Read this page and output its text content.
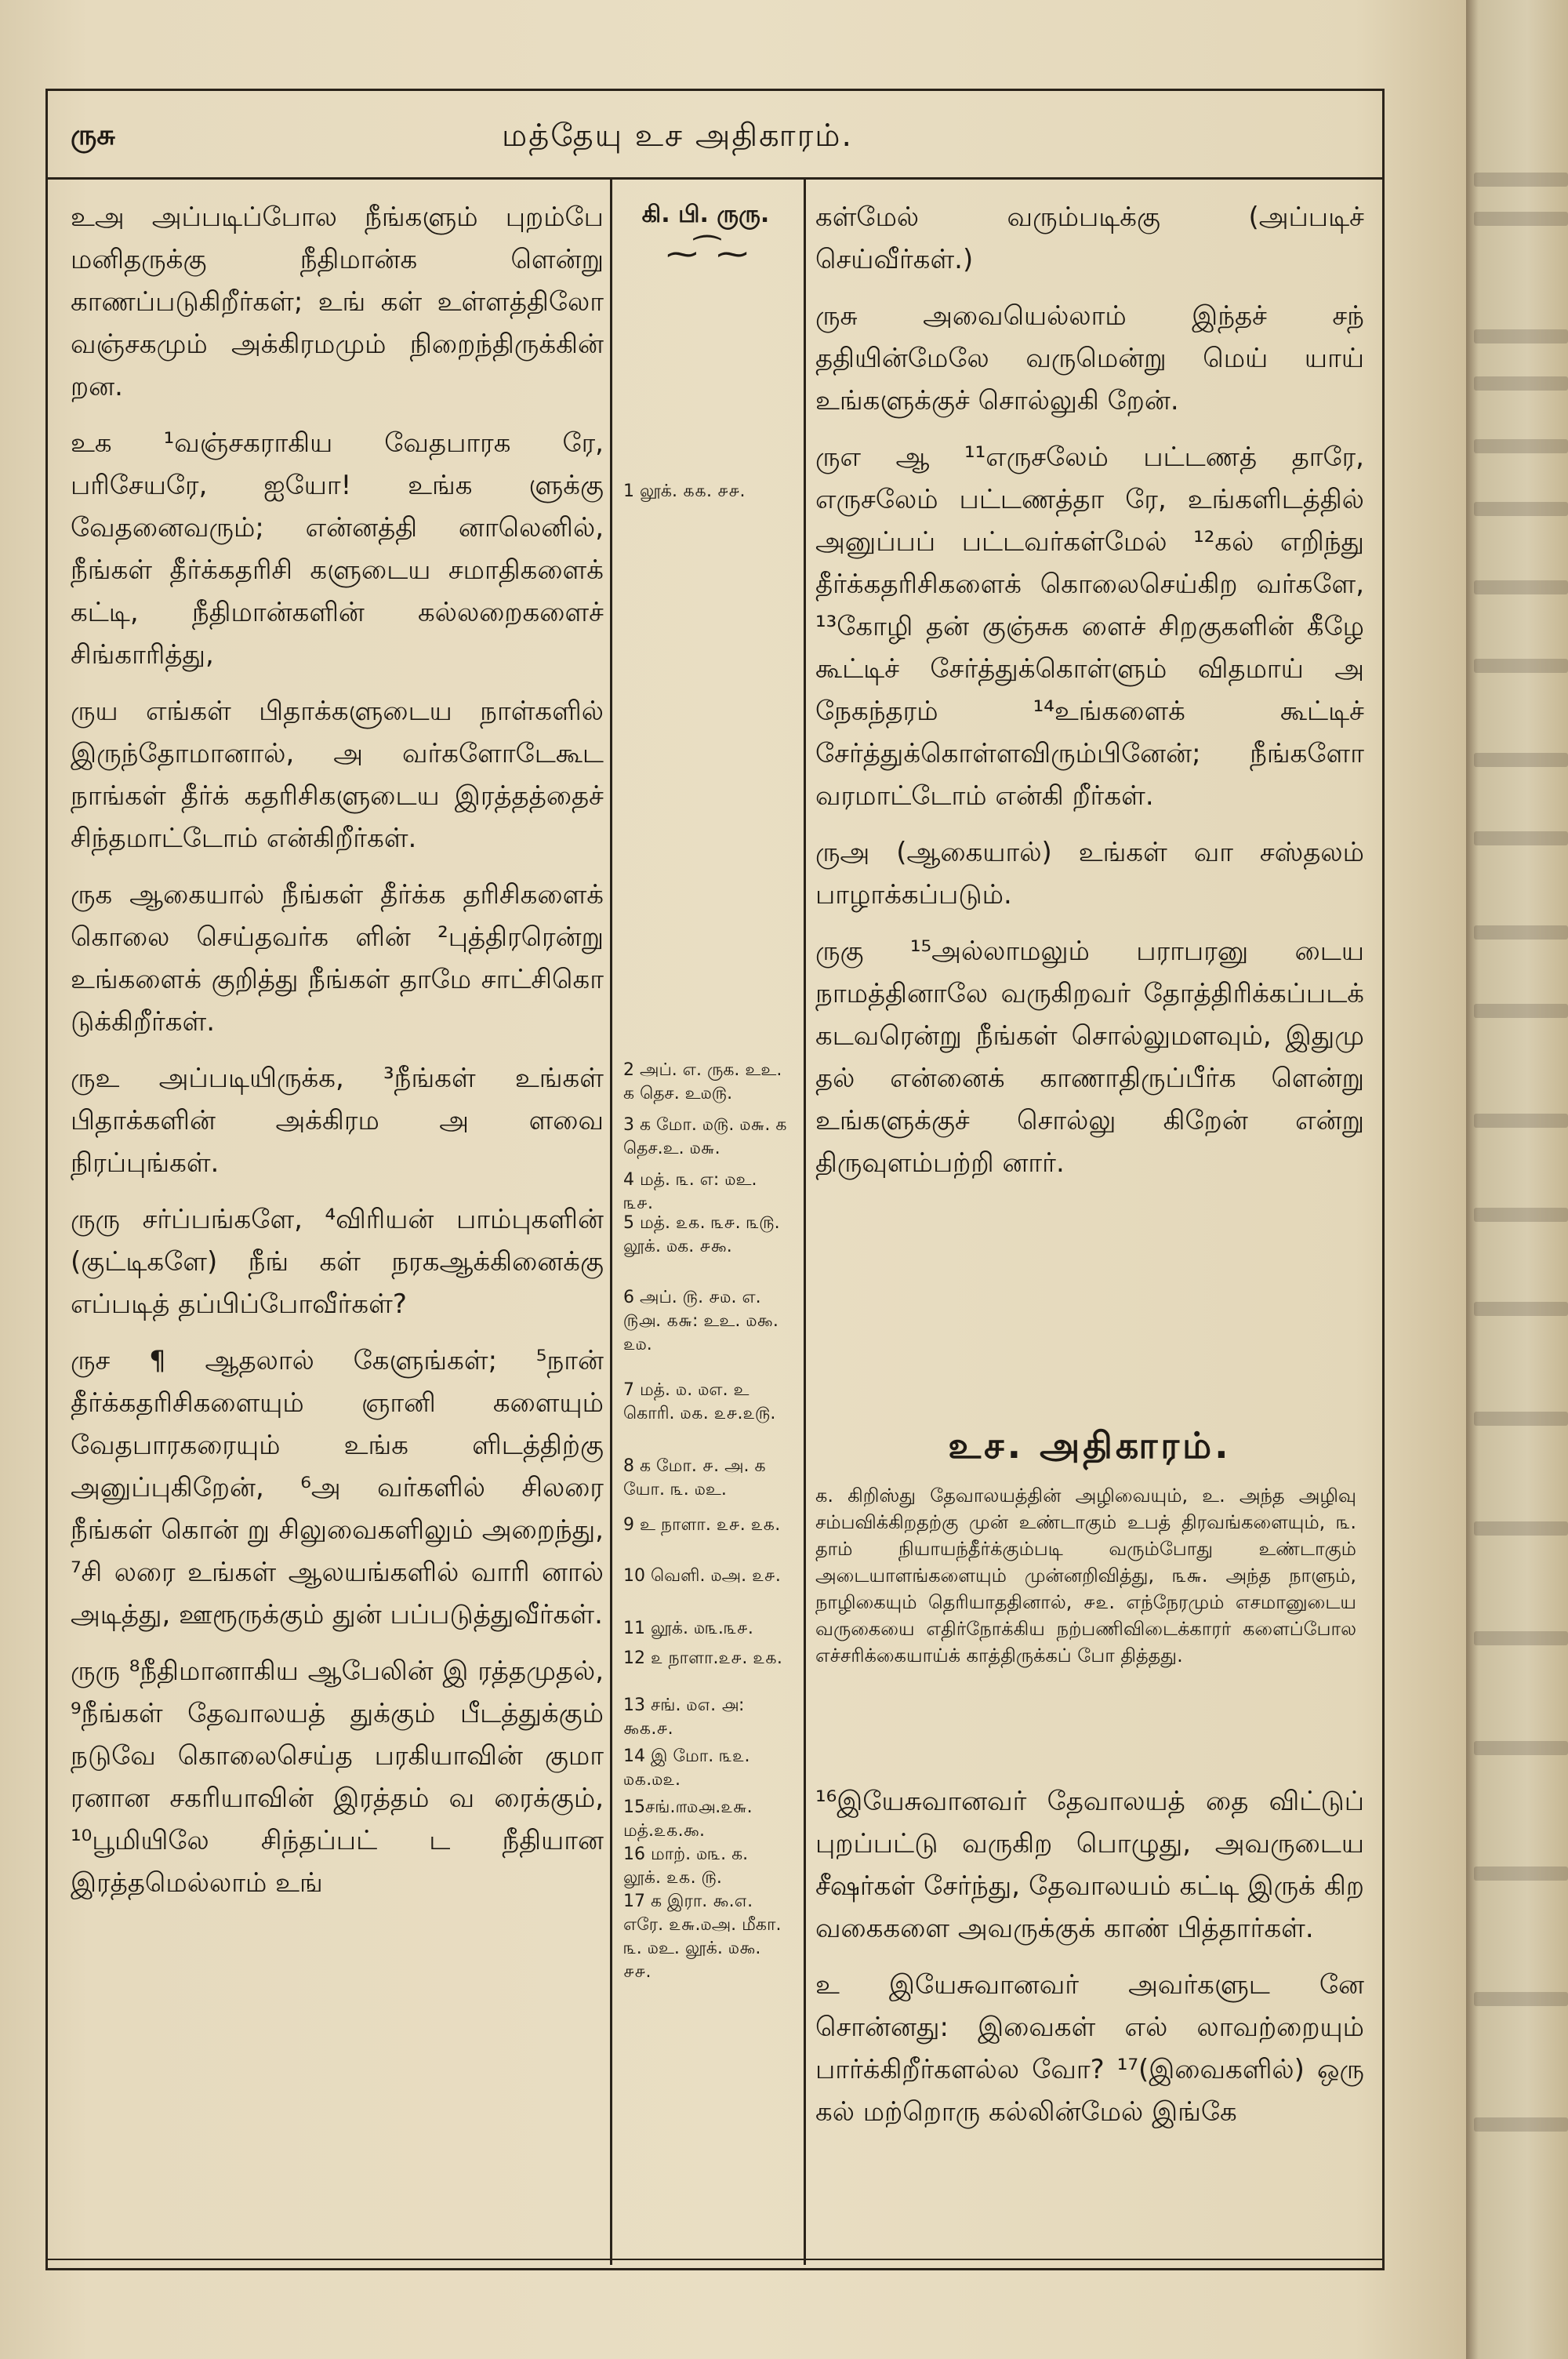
ருசு	மத்தேயு உச அதிகாரம்.

உஅ அப்படிப்போல நீங்களும் புறம்பே மனிதருக்கு நீதிமான்க ளென்று காணப்படுகிறீர்கள்; உங் கள் உள்ளத்திலோ வஞ்சகமும் அக்கிரமமும் நிறைந்திருக்கின் றன.

உக ¹வஞ்சகராகிய வேதபாரக ரே, பரிசேயரே, ஐயோ! உங்க ளுக்கு வேதனைவரும்; என்னத்தி னாலெனில், நீங்கள் தீர்க்கதரிசி களுடைய சமாதிகளைக் கட்டி, நீதிமான்களின் கல்லறைகளைச் சிங்காரித்து,

ருய எங்கள் பிதாக்களுடைய நாள்களில் இருந்தோமானால், அ வர்களோடேகூட நாங்கள் தீர்க் கதரிசிகளுடைய இரத்தத்தைச் சிந்தமாட்டோம் என்கிறீர்கள்.

ருக ஆகையால் நீங்கள் தீர்க்க தரிசிகளைக் கொலை செய்தவர்க ளின் ²புத்திரரென்று உங்களைக் குறித்து நீங்கள் தாமே சாட்சிகொ டுக்கிறீர்கள்.

ருஉ அப்படியிருக்க, ³நீங்கள் உங்கள் பிதாக்களின் அக்கிரம அ ளவை நிரப்புங்கள்.

ருரு சர்ப்பங்களே, ⁴விரியன் பாம்புகளின் (குட்டிகளே) நீங் கள் நரகஆக்கினைக்கு எப்படித் தப்பிப்போவீர்கள்?

ருச ¶ ஆதலால் கேளுங்கள்; ⁵நான் தீர்க்கதரிசிகளையும் ஞானி களையும் வேதபாரகரையும் உங்க ளிடத்திற்கு அனுப்புகிறேன், ⁶அ வர்களில் சிலரை நீங்கள் கொன் று சிலுவைகளிலும் அறைந்து, ⁷சி லரை உங்கள் ஆலயங்களில் வாரி னால் அடித்து, ஊரூருக்கும் துன் பப்படுத்துவீர்கள்.

ருரு ⁸நீதிமானாகிய ஆபேலின் இ ரத்தமுதல், ⁹நீங்கள் தேவாலயத் துக்கும் பீடத்துக்கும் நடுவே கொலைசெய்த பரகியாவின் குமா ரனான சகரியாவின் இரத்தம் வ ரைக்கும், ¹⁰பூமியிலே சிந்தப்பட் ட நீதியான இரத்தமெல்லாம் உங்

கி. பி. ருரு.
⁓⁀⁓
1 லூக். ௧௧. ௪௪.
2 அப். எ. ருக. உஉ. க தெச. உ௰௫.
3 க மோ. ௰௫. ௰௬. க தெச.உ. ௰௬.
4 மத். ௩. எ: ௰உ. ௩௪.
5 மத். ௨௧. ௩௪. ௩௫. லூக். ௰க. ௪௯.
6 அப். ௫. ௪௰. எ. ௫௮. ௧௬: உஉ. ௰௯. ௨௰.
7 மத். ௰. ௰எ. உ கொரி. ௰௧. ௨௪.௨௫.
8 க மோ. ௪. அ. க யோ. ௩. ௰உ.
9 உ நாளா. ௨௪. ௨௧.
10 வெளி. ௰அ. ௨௪.
11 லூக். ௰௩.௩௪.
12 ௨ நாளா.௨௪. ௨௧.
13 சங். ௰௭. ௮: ௯௧.௪.
14 இ மோ. ௩௨. ௰௧.௰௨.
15சங்.௱௰௮.௨௬. மத்.௨௧.௯.
16 மாற். ௰௩. க. லூக். ௨௧. ௫.
17 க இரா. ௯.௭. எரே. ௨௬.௰அ. மீகா. ௩. ௰உ. லூக். ௰௯. ௪௪.

கள்மேல் வரும்படிக்கு (அப்படிச் செய்வீர்கள்.)

ருசு அவையெல்லாம் இந்தச் சந் ததியின்மேலே வருமென்று மெய் யாய் உங்களுக்குச் சொல்லுகி றேன்.

ருஎ ஆ ¹¹எருசலேம் பட்டணத் தாரே, எருசலேம் பட்டணத்தா ரே, உங்களிடத்தில் அனுப்பப் பட்டவர்கள்மேல் ¹²கல் எறிந்து தீர்க்கதரிசிகளைக் கொலைசெய்கிற வர்களே, ¹³கோழி தன் குஞ்சுக ளைச் சிறகுகளின் கீழே கூட்டிச் சேர்த்துக்கொள்ளும் விதமாய் அ நேகந்தரம் ¹⁴உங்களைக் கூட்டிச் சேர்த்துக்கொள்ளவிரும்பினேன்; நீங்களோ வரமாட்டோம் என்கி றீர்கள்.

ருஅ (ஆகையால்) உங்கள் வா சஸ்தலம் பாழாக்கப்படும்.

ருகு ¹⁵அல்லாமலும் பராபரனு டைய நாமத்தினாலே வருகிறவர் தோத்திரிக்கப்படக் கடவரென்று நீங்கள் சொல்லுமளவும், இதுமு தல் என்னைக் காணாதிருப்பீர்க ளென்று உங்களுக்குச் சொல்லு கிறேன் என்று திருவுளம்பற்றி னார்.

உச. அதிகாரம்.
க. கிறிஸ்து தேவாலயத்தின் அழிவையும், உ. அந்த அழிவு சம்பவிக்கிறதற்கு முன் உண்டாகும் உபத் திரவங்களையும், ௩. தாம் நியாயந்தீர்க்கும்படி வரும்போது உண்டாகும் அடையாளங்களையும் முன்னறிவித்து, ௩௬. அந்த நாளும், நாழிகையும் தெரியாததினால், ௪௨. எந்நேரமும் எசமானுடைய வருகையை எதிர்நோக்கிய நற்பணிவிடைக்காரர் களைப்போல எச்சரிக்கையாய்க் காத்திருக்கப் போ தித்தது.

¹⁶இயேசுவானவர் தேவாலயத் தை விட்டுப் புறப்பட்டு வருகிற பொழுது, அவருடைய சீஷர்கள் சேர்ந்து, தேவாலயம் கட்டி இருக் கிற வகைகளை அவருக்குக் காண் பித்தார்கள்.

உ இயேசுவானவர் அவர்களுட னே சொன்னது: இவைகள் எல் லாவற்றையும் பார்க்கிறீர்களல்ல வோ? ¹⁷(இவைகளில்) ஒரு கல் மற்றொரு கல்லின்மேல் இங்கே
